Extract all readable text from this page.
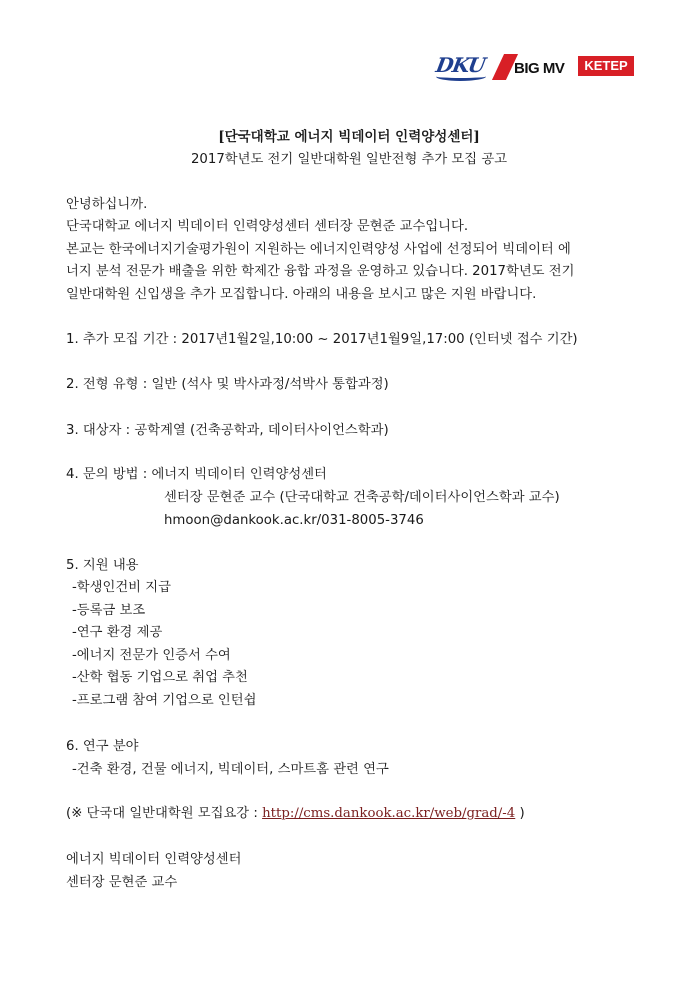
DKU	BIG MV	KETEP
[단국대학교 에너지 빅데이터 인력양성센터]
2017학년도 전기 일반대학원 일반전형 추가 모집 공고
안녕하십니까.
단국대학교 에너지 빅데이터 인력양성센터 센터장 문현준 교수입니다.
본교는 한국에너지기술평가원이 지원하는 에너지인력양성 사업에 선정되어 빅데이터 에
너지 분석 전문가 배출을 위한 학제간 융합 과정을 운영하고 있습니다. 2017학년도 전기
일반대학원 신입생을 추가 모집합니다. 아래의 내용을 보시고 많은 지원 바랍니다.
1. 추가 모집 기간 : 2017년1월2일,10:00 ~ 2017년1월9일,17:00 (인터넷 접수 기간)
2. 전형 유형 : 일반 (석사 및 박사과정/석박사 통합과정)
3. 대상자 : 공학계열 (건축공학과, 데이터사이언스학과)
4. 문의 방법 : 에너지 빅데이터 인력양성센터
센터장 문현준 교수 (단국대학교 건축공학/데이터사이언스학과 교수)
hmoon@dankook.ac.kr/031-8005-3746
5. 지원 내용
-학생인건비 지급
-등록금 보조
-연구 환경 제공
-에너지 전문가 인증서 수여
-산학 협동 기업으로 취업 추천
-프로그램 참여 기업으로 인턴쉽
6. 연구 분야
-건축 환경, 건물 에너지, 빅데이터, 스마트홈 관련 연구
(※ 단국대 일반대학원 모집요강 : http://cms.dankook.ac.kr/web/grad/-4 )
에너지 빅데이터 인력양성센터
센터장 문현준 교수
